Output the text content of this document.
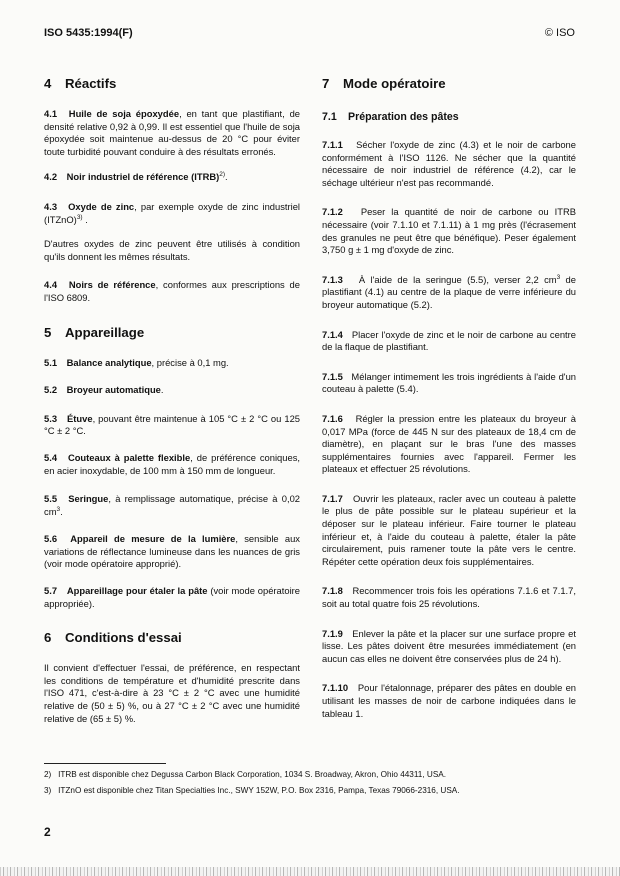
ISO 5435:1994(F)	© ISO
4 Réactifs

4.1 Huile de soja époxydée, en tant que plastifiant, de densité relative 0,92 à 0,99. Il est essentiel que l'huile de soja époxydée soit maintenue au-dessus de 20 °C pour éviter toute turbidité pouvant conduire à des résultats erronés.

4.2 Noir industriel de référence (ITRB)$^{2)}$.

4.3 Oxyde de zinc, par exemple oxyde de zinc industriel (ITZnO)$^{3)}$ .

D'autres oxydes de zinc peuvent être utilisés à condition qu'ils donnent les mêmes résultats.

4.4 Noirs de référence, conformes aux prescriptions de l'ISO 6809.

5 Appareillage

5.1 Balance analytique, précise à 0,1 mg.

5.2 Broyeur automatique.

5.3 Étuve, pouvant être maintenue à 105 °C ± 2 °C ou 125 °C ± 2 °C.

5.4 Couteaux à palette flexible, de préférence coniques, en acier inoxydable, de 100 mm à 150 mm de longueur.

5.5 Seringue, à remplissage automatique, précise à 0,02 $cm^3$.

5.6 Appareil de mesure de la lumière, sensible aux variations de réflectance lumineuse dans les nuances de gris (voir mode opératoire approprié).

5.7 Appareillage pour étaler la pâte (voir mode opératoire appropriée).

6 Conditions d'essai

Il convient d'effectuer l'essai, de préférence, en respectant les conditions de température et d'humidité prescrite dans l'ISO 471, c'est-à-dire à 23 °C ± 2 °C avec une humidité relative de (50 ± 5) %, ou à 27 °C ± 2 °C avec une humidité relative de (65 ± 5) %.

7 Mode opératoire
7.1 Préparation des pâtes

7.1.1 Sécher l'oxyde de zinc (4.3) et le noir de carbone conformément à l'ISO 1126. Ne sécher que la quantité nécessaire de noir industriel de référence (4.2), car le séchage ultérieur n'est pas recommandé.

7.1.2 Peser la quantité de noir de carbone ou ITRB nécessaire (voir 7.1.10 et 7.1.11) à 1 mg près (l'écrasement des granules ne peut être que bénéfique). Peser également 3,750 g ± 1 mg d'oxyde de zinc.

7.1.3 À l'aide de la seringue (5.5), verser 2,2 $cm^3$ de plastifiant (4.1) au centre de la plaque de verre inférieure du broyeur automatique (5.2).

7.1.4 Placer l'oxyde de zinc et le noir de carbone au centre de la flaque de plastifiant.

7.1.5 Mélanger intimement les trois ingrédients à l'aide d'un couteau à palette (5.4).

7.1.6 Régler la pression entre les plateaux du broyeur à 0,017 MPa (force de 445 N sur des plateaux de 18,4 cm de diamètre), en plaçant sur le bras l'une des masses supplémentaires fournies avec l'appareil. Fermer les plateaux et effectuer 25 révolutions.

7.1.7 Ouvrir les plateaux, racler avec un couteau à palette le plus de pâte possible sur le plateau supérieur et la déposer sur le plateau inférieur. Faire tourner le plateau inférieur et, à l'aide du couteau à palette, étaler la pâte circulairement, puis ramener toute la pâte vers le centre. Répéter cette opération deux fois supplémentaires.

7.1.8 Recommencer trois fois les opérations 7.1.6 et 7.1.7, soit au total quatre fois 25 révolutions.

7.1.9 Enlever la pâte et la placer sur une surface propre et lisse. Les pâtes doivent être mesurées immédiatement (en aucun cas elles ne doivent être conservées plus de 24 h).

7.1.10 Pour l'étalonnage, préparer des pâtes en double en utilisant les masses de noir de carbone indiquées dans le tableau 1.

2) ITRB est disponible chez Degussa Carbon Black Corporation, 1034 S. Broadway, Akron, Ohio 44311, USA.
3) ITZnO est disponible chez Titan Specialties Inc., SWY 152W, P.O. Box 2316, Pampa, Texas 79066-2316, USA.
2
